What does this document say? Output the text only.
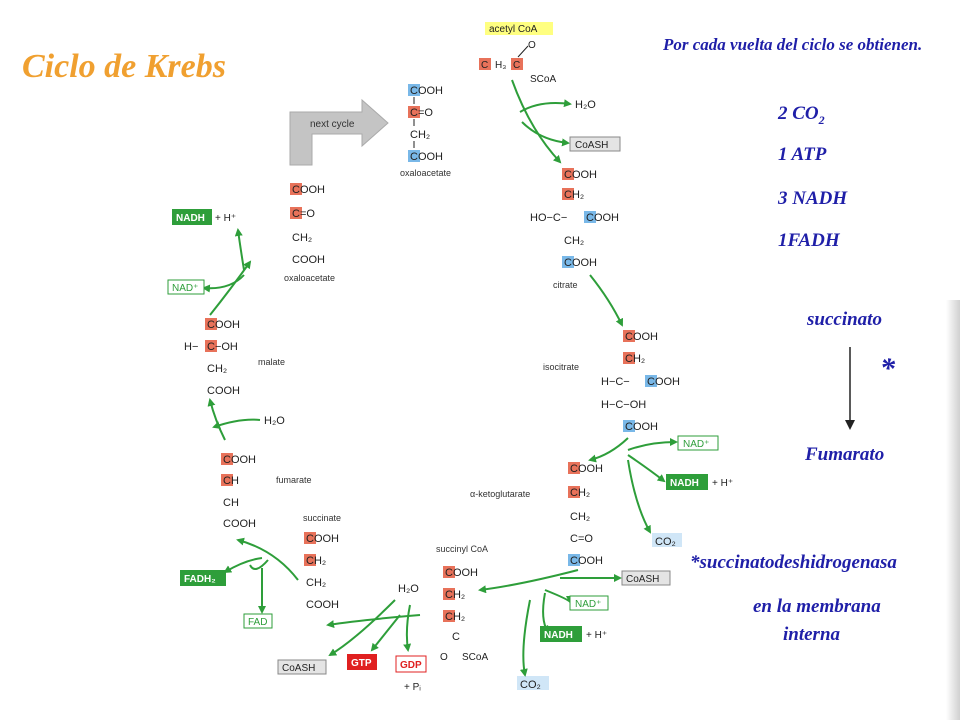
Ciclo de Krebs
next cycle
acetyl CoA
C H₃ C
O
SCoA
COOH
C=O
CH₂
COOH
oxaloacetate	COOH
CH₂
HO−C− COOH
CH₂
COOH
citrate
COOH
CH₂
H−C− COOH
H−C−OH
COOH
isocitrate
COOH
CH₂
CH₂
C=O
COOH
α-ketoglutarate
succinyl CoA
COOH
CH₂
CH₂
C
O SCoA
succinate
COOH
CH₂
CH₂
COOH
COOH
CH
CH
COOH
fumarate
COOH
H− C−OH
CH₂
COOH
malate
COOH
C=O
CH₂
COOH
oxaloacetate
H₂O
CoASH
NAD⁺
NADH + H⁺
CO₂
CoASH
NAD⁺
NADH + H⁺
CO₂
H₂O
CoASH	GTP	GDP
+ Pᵢ
FADH₂
FAD
H₂O
NADH + H⁺
NAD⁺
Por cada vuelta del ciclo se obtienen.
2 $CO_2$
1 ATP
3 NADH
1FADH
succinato
*
Fumarato
*succinatodeshidrogenasa
en la membrana
interna
